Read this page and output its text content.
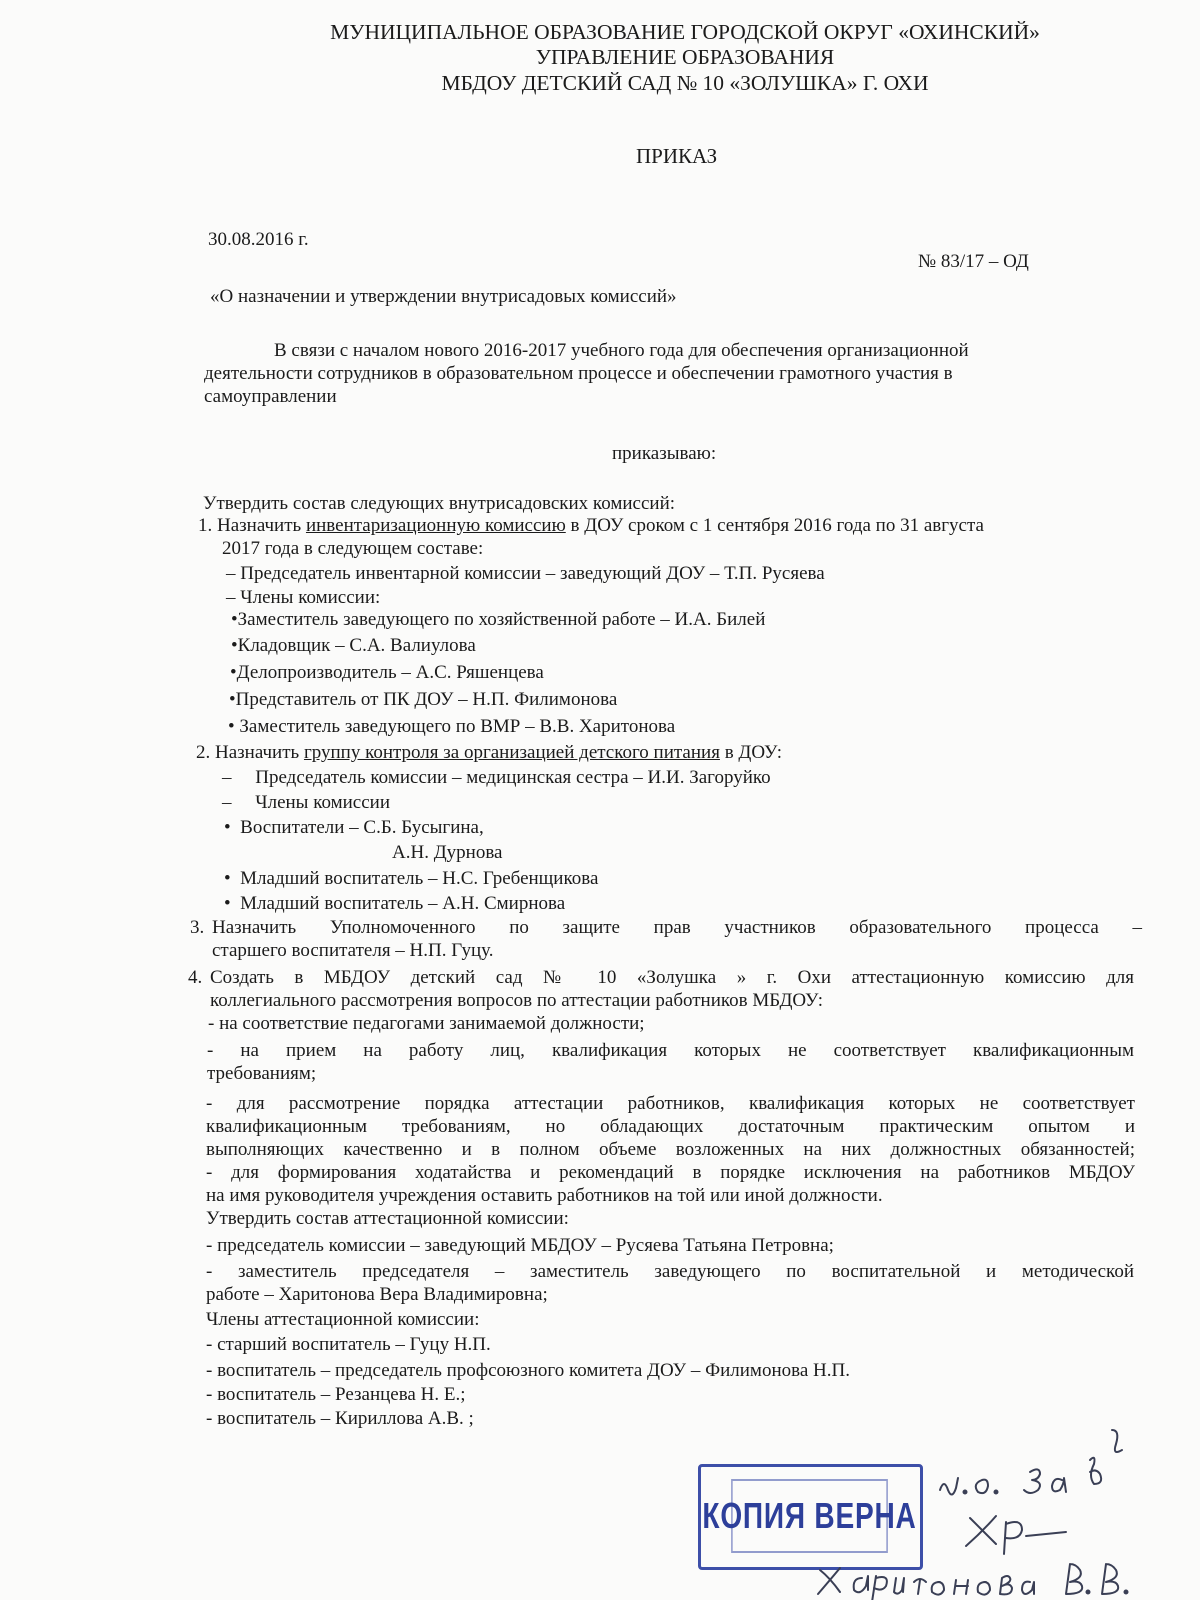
МУНИЦИПАЛЬНОЕ ОБРАЗОВАНИЕ ГОРОДСКОЙ ОКРУГ «ОХИНСКИЙ»
УПРАВЛЕНИЕ ОБРАЗОВАНИЯ
МБДОУ ДЕТСКИЙ САД № 10 «ЗОЛУШКА» Г. ОХИ
ПРИКАЗ
30.08.2016 г.
№ 83/17 – ОД
«О назначении и утверждении внутрисадовых комиссий»
В связи с началом нового 2016-2017 учебного года для обеспечения организационной
деятельности сотрудников в образовательном процессе и обеспечении грамотного участия в
самоуправлении
приказываю:
Утвердить состав следующих внутрисадовских комиссий:
1. Назначить инвентаризационную комиссию в ДОУ сроком с 1 сентября 2016 года по 31 августа
2017 года в следующем составе:
– Председатель инвентарной комиссии – заведующий ДОУ – Т.П. Русяева
– Члены комиссии:
•Заместитель заведующего по хозяйственной работе – И.А. Билей
•Кладовщик – С.А. Валиулова
•Делопроизводитель – А.С. Ряшенцева
•Представитель от ПК ДОУ – Н.П. Филимонова
• Заместитель заведующего по ВМР – В.В. Харитонова
2. Назначить группу контроля за организацией детского питания в ДОУ:
–     Председатель комиссии – медицинская сестра – И.И. Загоруйко
–     Члены комиссии
•  Воспитатели – С.Б. Бусыгина,
А.Н. Дурнова
•  Младший воспитатель – Н.С. Гребенщикова
•  Младший воспитатель – А.Н. Смирнова
3. Назначить Уполномоченного по защите прав участников образовательного процесса –
старшего воспитателя – Н.П. Гуцу.
4. Создать в МБДОУ детский сад № 10 «Золушка » г. Охи аттестационную комиссию для
коллегиального рассмотрения вопросов по аттестации работников МБДОУ:
- на соответствие педагогами занимаемой должности;
- на прием на работу лиц, квалификация которых не соответствует квалификационным
требованиям;
- для рассмотрение порядка аттестации работников, квалификация которых не соответствует
квалификационным требованиям, но обладающих достаточным практическим опытом и
выполняющих качественно и в полном объеме возложенных на них должностных обязанностей;
- для формирования ходатайства и рекомендаций в порядке исключения на работников МБДОУ
на имя руководителя учреждения оставить работников на той или иной должности.
Утвердить состав аттестационной комиссии:
- председатель комиссии – заведующий МБДОУ – Русяева Татьяна Петровна;
- заместитель председателя – заместитель заведующего по воспитательной и методической
работе – Харитонова Вера Владимировна;
Члены аттестационной комиссии:
- старший воспитатель – Гуцу Н.П.
- воспитатель – председатель профсоюзного комитета ДОУ – Филимонова Н.П.
- воспитатель – Резанцева Н. Е.;
- воспитатель – Кириллова А.В. ;
КОПИЯ ВЕРНА
